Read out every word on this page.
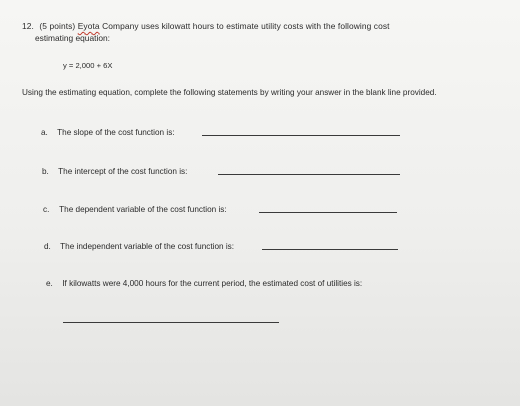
12. (5 points) Eyota Company uses kilowatt hours to estimate utility costs with the following cost
estimating equation:
y = 2,000 + 6X
Using the estimating equation, complete the following statements by writing your answer in the blank line provided.
a. The slope of the cost function is:
b. The intercept of the cost function is:
c. The dependent variable of the cost function is:
d. The independent variable of the cost function is:
e. If kilowatts were 4,000 hours for the current period, the estimated cost of utilities is:
